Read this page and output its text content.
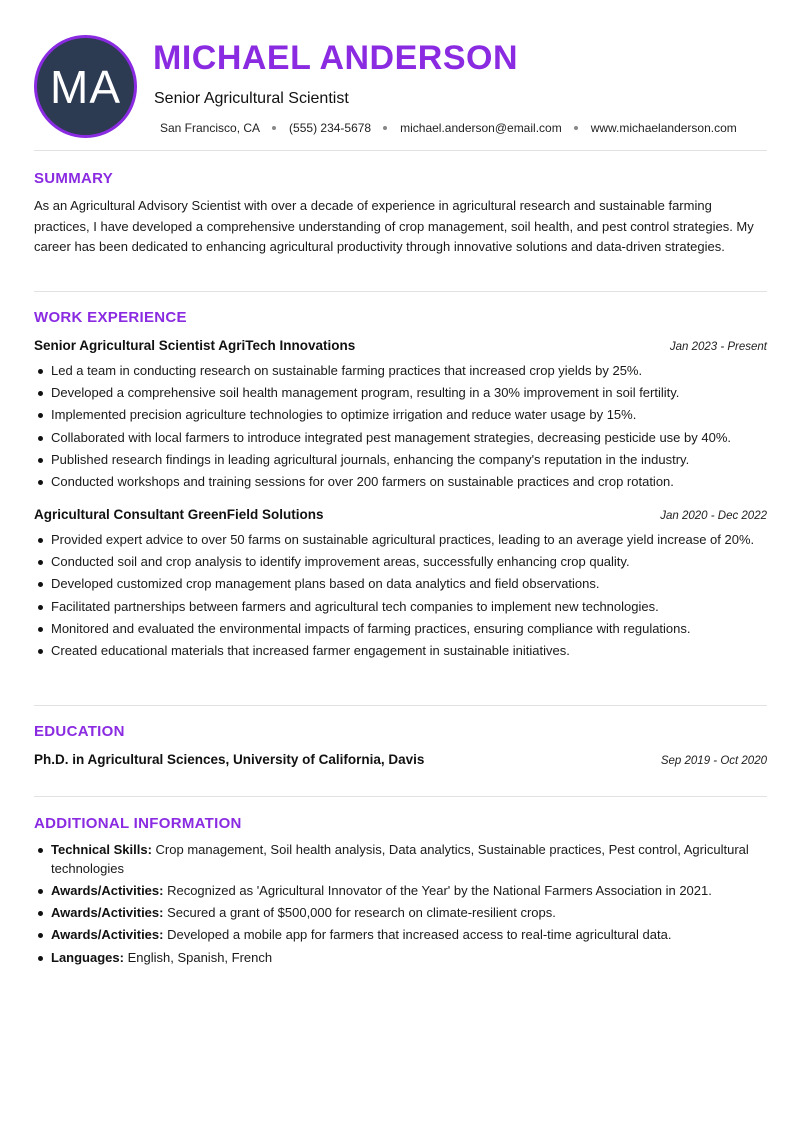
MA
MICHAEL ANDERSON
Senior Agricultural Scientist
San Francisco, CA (555) 234-5678 michael.anderson@email.com www.michaelanderson.com
SUMMARY
As an Agricultural Advisory Scientist with over a decade of experience in agricultural research and sustainable farming practices, I have developed a comprehensive understanding of crop management, soil health, and pest control strategies. My career has been dedicated to enhancing agricultural productivity through innovative solutions and data-driven strategies.
WORK EXPERIENCE
Senior Agricultural Scientist AgriTech Innovations	Jan 2023 - Present
Led a team in conducting research on sustainable farming practices that increased crop yields by 25%.
Developed a comprehensive soil health management program, resulting in a 30% improvement in soil fertility.
Implemented precision agriculture technologies to optimize irrigation and reduce water usage by 15%.
Collaborated with local farmers to introduce integrated pest management strategies, decreasing pesticide use by 40%.
Published research findings in leading agricultural journals, enhancing the company's reputation in the industry.
Conducted workshops and training sessions for over 200 farmers on sustainable practices and crop rotation.
Agricultural Consultant GreenField Solutions	Jan 2020 - Dec 2022
Provided expert advice to over 50 farms on sustainable agricultural practices, leading to an average yield increase of 20%.
Conducted soil and crop analysis to identify improvement areas, successfully enhancing crop quality.
Developed customized crop management plans based on data analytics and field observations.
Facilitated partnerships between farmers and agricultural tech companies to implement new technologies.
Monitored and evaluated the environmental impacts of farming practices, ensuring compliance with regulations.
Created educational materials that increased farmer engagement in sustainable initiatives.
EDUCATION
Ph.D. in Agricultural Sciences, University of California, Davis	Sep 2019 - Oct 2020
ADDITIONAL INFORMATION
Technical Skills: Crop management, Soil health analysis, Data analytics, Sustainable practices, Pest control, Agricultural technologies
Awards/Activities: Recognized as 'Agricultural Innovator of the Year' by the National Farmers Association in 2021.
Awards/Activities: Secured a grant of $500,000 for research on climate-resilient crops.
Awards/Activities: Developed a mobile app for farmers that increased access to real-time agricultural data.
Languages: English, Spanish, French
